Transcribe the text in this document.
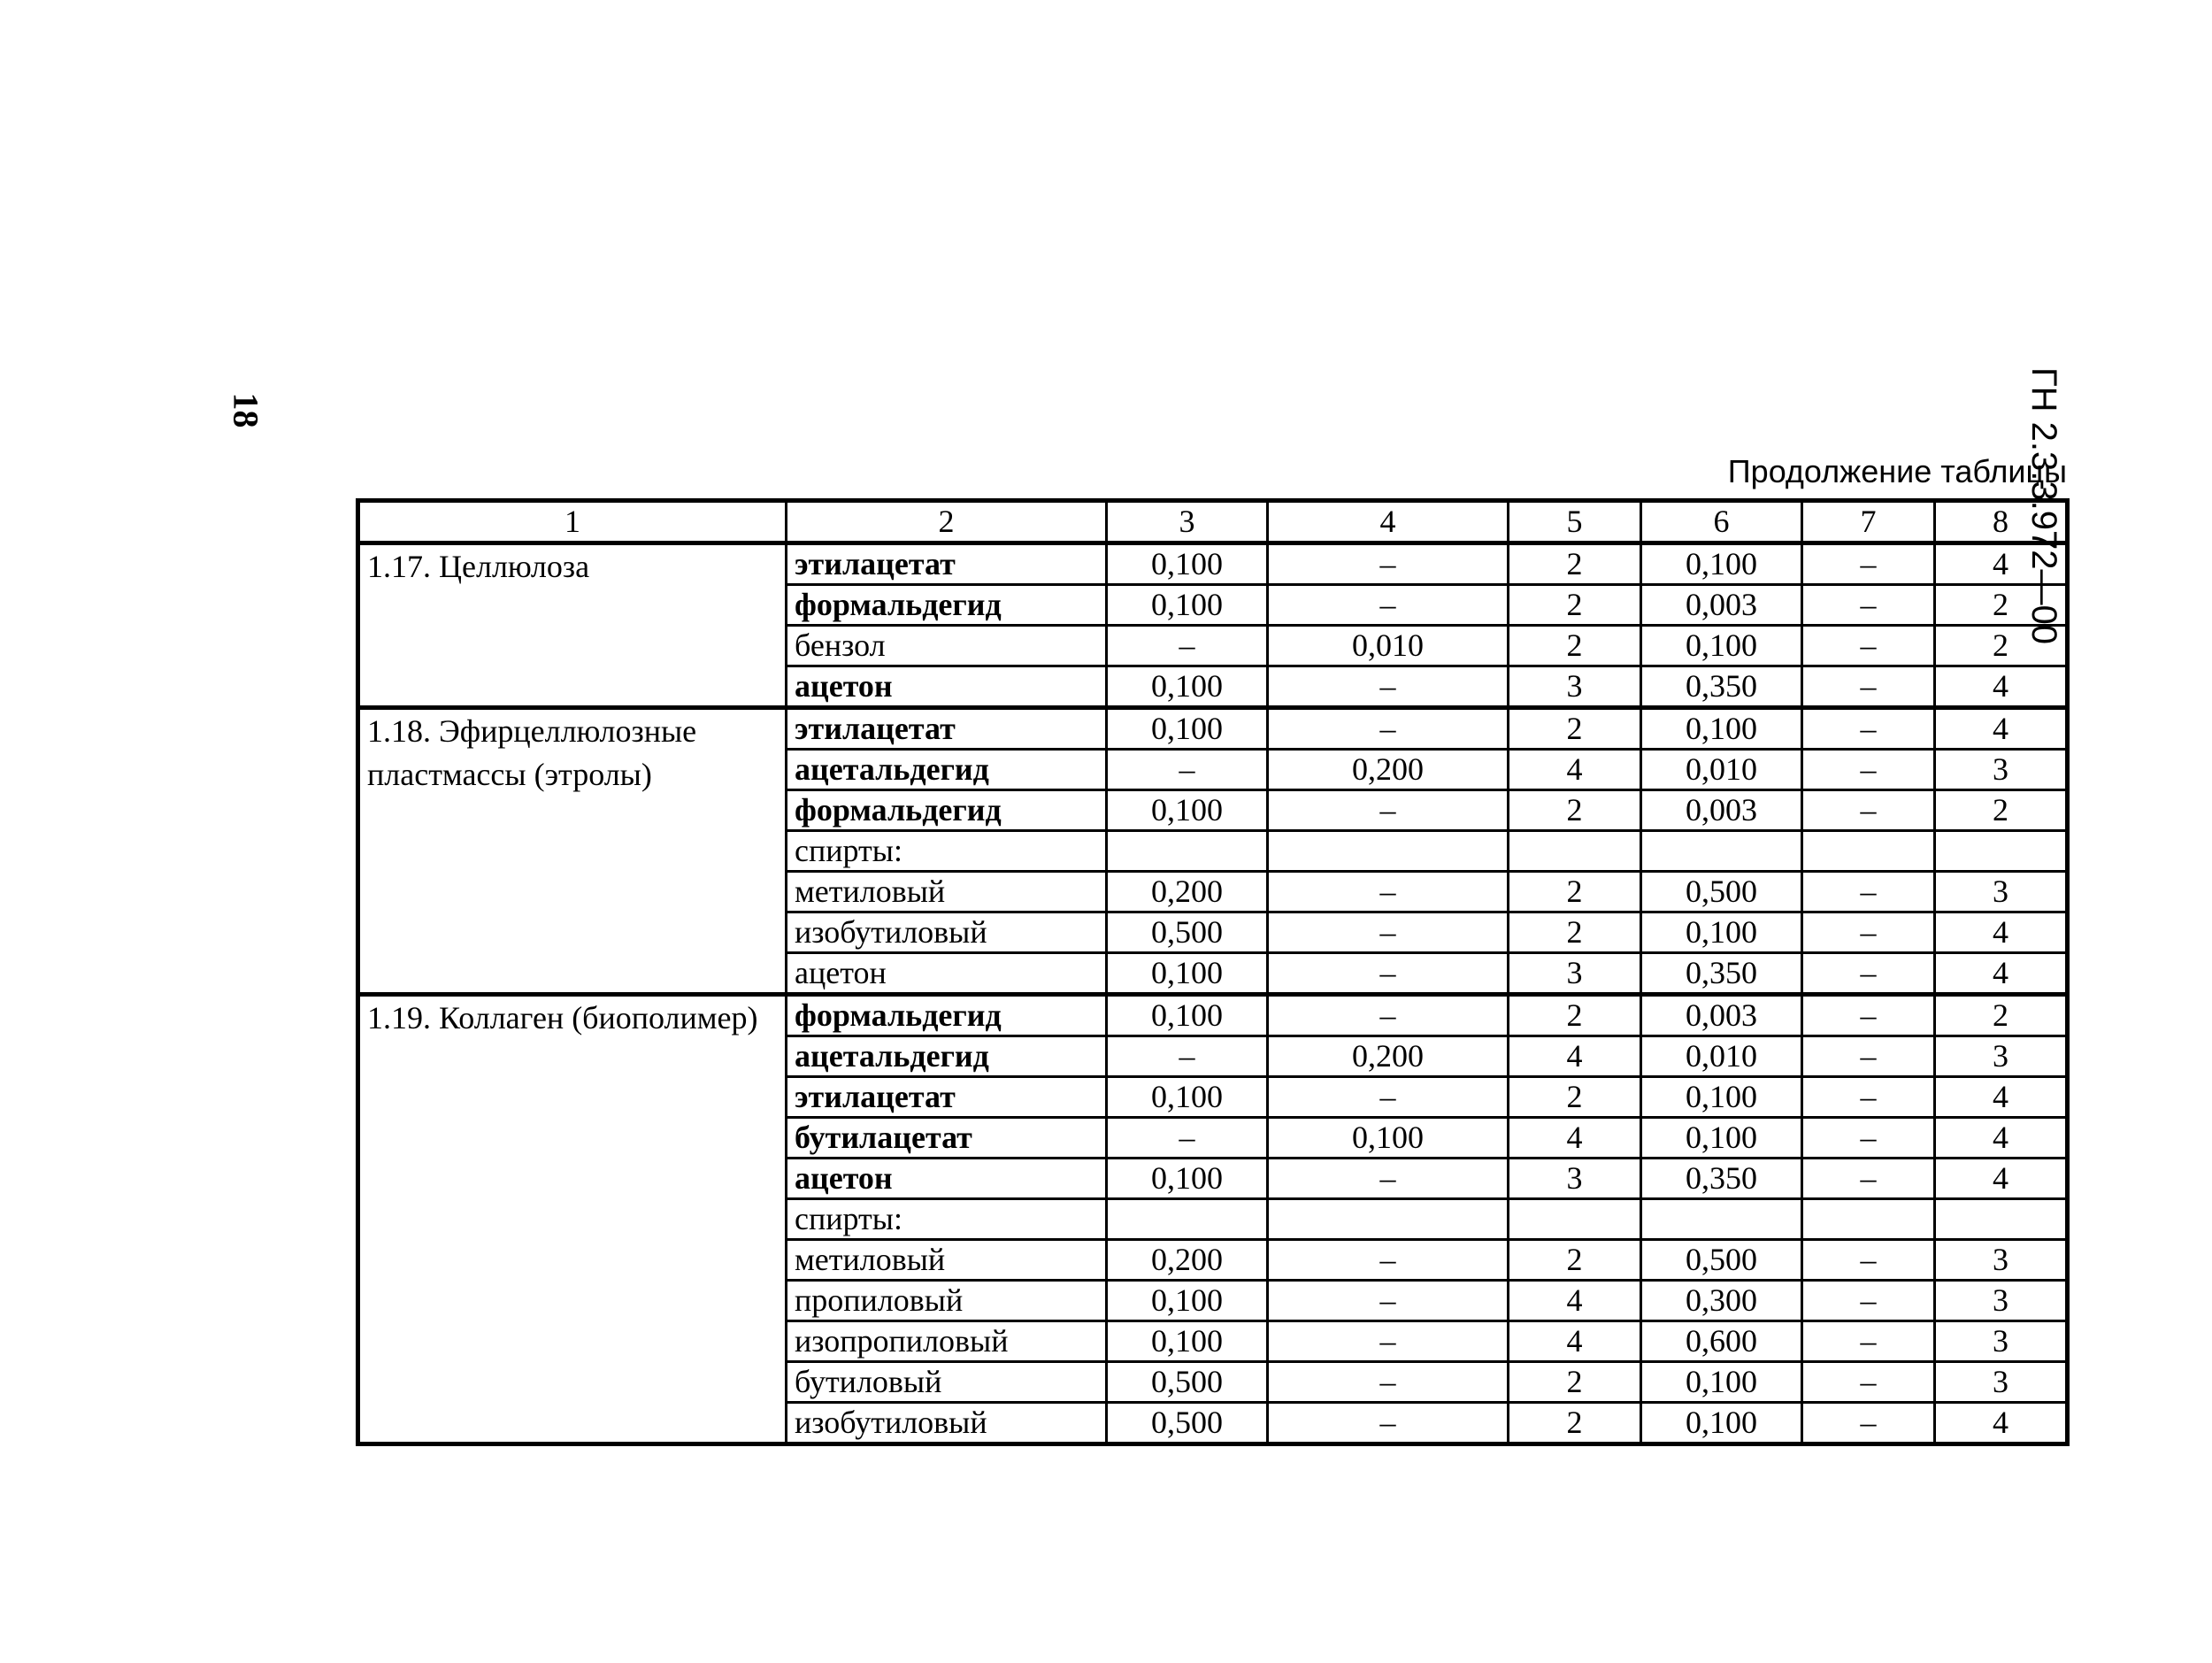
18	ГН 2.3.3.972—00
Продолжение таблицы
1	2	3	4	5	6	7	8
1.17. Целлюлоза	этилацетат	0,100	–	2	0,100	–	4
	формальдегид	0,100	–	2	0,003	–	2
	бензол	–	0,010	2	0,100	–	2
	ацетон	0,100	–	3	0,350	–	4
1.18. Эфирцеллюлозные пластмассы (этролы)	этилацетат	0,100	–	2	0,100	–	4
	ацетальдегид	–	0,200	4	0,010	–	3
	формальдегид	0,100	–	2	0,003	–	2
	спирты:						
	метиловый	0,200	–	2	0,500	–	3
	изобутиловый	0,500	–	2	0,100	–	4
	ацетон	0,100	–	3	0,350	–	4
1.19. Коллаген (биополимер)	формальдегид	0,100	–	2	0,003	–	2
	ацетальдегид	–	0,200	4	0,010	–	3
	этилацетат	0,100	–	2	0,100	–	4
	бутилацетат	–	0,100	4	0,100	–	4
	ацетон	0,100	–	3	0,350	–	4
	спирты:						
	метиловый	0,200	–	2	0,500	–	3
	пропиловый	0,100	–	4	0,300	–	3
	изопропиловый	0,100	–	4	0,600	–	3
	бутиловый	0,500	–	2	0,100	–	3
	изобутиловый	0,500	–	2	0,100	–	4
